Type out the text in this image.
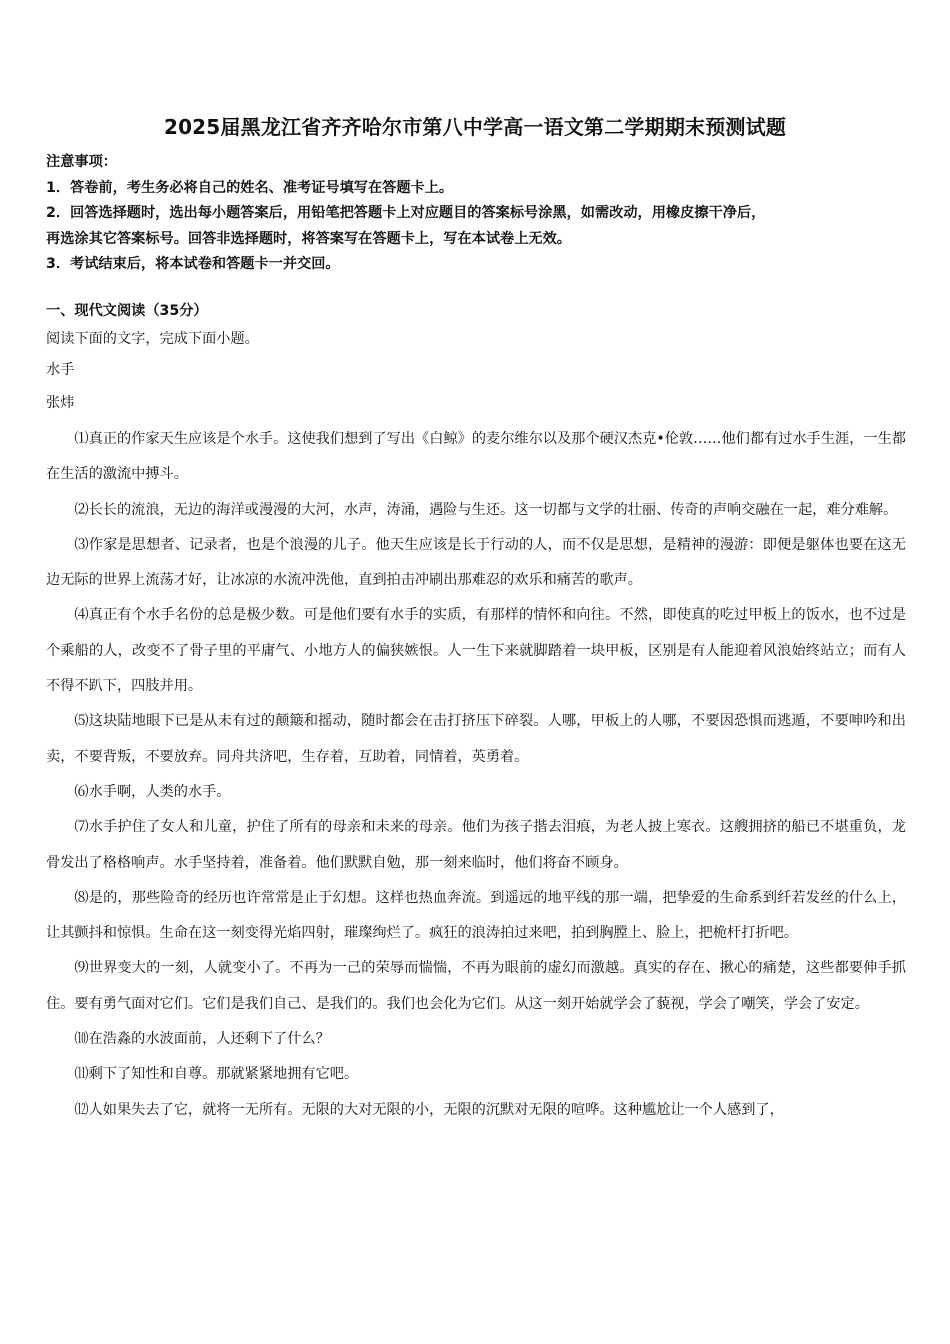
2025届黑龙江省齐齐哈尔市第八中学高一语文第二学期期末预测试题
注意事项：
1．答卷前，考生务必将自己的姓名、准考证号填写在答题卡上。
2．回答选择题时，选出每小题答案后，用铅笔把答题卡上对应题目的答案标号涂黑，如需改动，用橡皮擦干净后，
再选涂其它答案标号。回答非选择题时，将答案写在答题卡上，写在本试卷上无效。
3．考试结束后，将本试卷和答题卡一并交回。
一、现代文阅读（35分）
阅读下面的文字，完成下面小题。
水手
张炜

⑴真正的作家天生应该是个水手。这使我们想到了写出《白鲸》的麦尔维尔以及那个硬汉杰克•伦敦……他们都有过水手生涯，一生都在生活的激流中搏斗。

⑵长长的流浪，无边的海洋或漫漫的大河，水声，涛涌，遇险与生还。这一切都与文学的壮丽、传奇的声响交融在一起，难分难解。

⑶作家是思想者、记录者，也是个浪漫的儿子。他天生应该是长于行动的人，而不仅是思想，是精神的漫游：即便是躯体也要在这无边无际的世界上流荡才好，让冰凉的水流冲洗他，直到拍击冲刷出那难忍的欢乐和痛苦的歌声。

⑷真正有个水手名份的总是极少数。可是他们要有水手的实质，有那样的情怀和向往。不然，即使真的吃过甲板上的饭水，也不过是个乘船的人，改变不了骨子里的平庸气、小地方人的偏狭嫉恨。人一生下来就脚踏着一块甲板，区别是有人能迎着风浪始终站立；而有人不得不趴下，四肢并用。

⑸这块陆地眼下已是从未有过的颠簸和摇动，随时都会在击打挤压下碎裂。人哪，甲板上的人哪，不要因恐惧而逃遁，不要呻吟和出卖，不要背叛，不要放弃。同舟共济吧，生存着，互助着，同情着，英勇着。

⑹水手啊，人类的水手。

⑺水手护住了女人和儿童，护住了所有的母亲和未来的母亲。他们为孩子揩去泪痕，为老人披上寒衣。这艘拥挤的船已不堪重负，龙骨发出了格格响声。水手坚持着，准备着。他们默默自勉，那一刻来临时，他们将奋不顾身。

⑻是的，那些险奇的经历也许常常是止于幻想。这样也热血奔流。到遥远的地平线的那一端，把挚爱的生命系到纤若发丝的什么上，让其颤抖和惊惧。生命在这一刻变得光焰四射，璀璨绚烂了。疯狂的浪涛拍过来吧，拍到胸膛上、脸上，把桅杆打折吧。

⑼世界变大的一刻，人就变小了。不再为一己的荣辱而惴惴，不再为眼前的虚幻而激越。真实的存在、揪心的痛楚，这些都要伸手抓住。要有勇气面对它们。它们是我们自己、是我们的。我们也会化为它们。从这一刻开始就学会了藐视，学会了嘲笑，学会了安定。

⑽在浩淼的水波面前，人还剩下了什么？

⑾剩下了知性和自尊。那就紧紧地拥有它吧。

⑿人如果失去了它，就将一无所有。无限的大对无限的小，无限的沉默对无限的喧哗。这种尴尬让一个人感到了，
